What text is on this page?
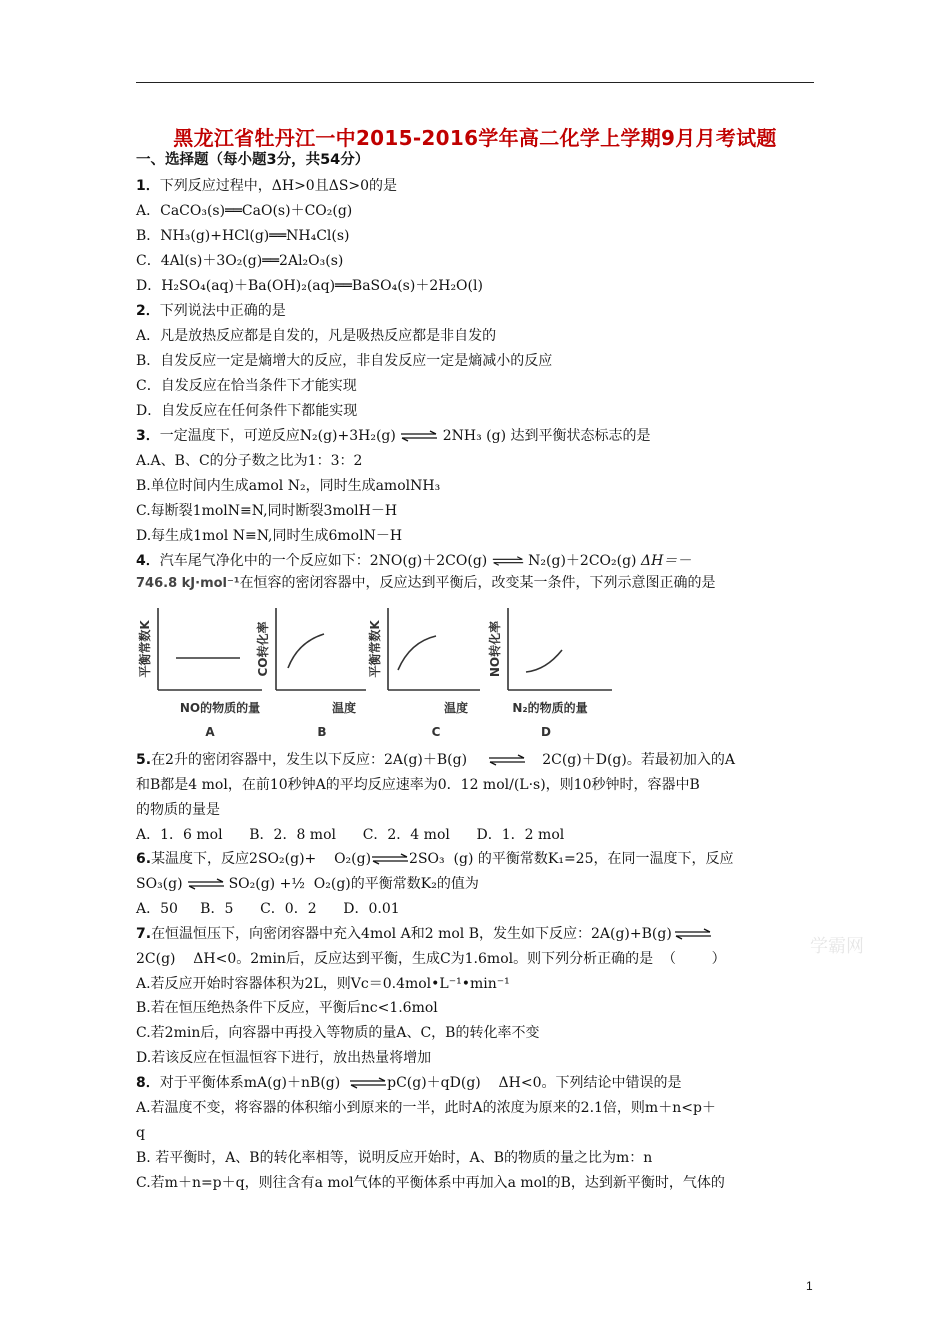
黑龙江省牡丹江一中2015-2016学年高二化学上学期9月月考试题
学霸网
一、选择题（每小题3分，共54分）
1．下列反应过程中，ΔH>0且ΔS>0的是
A．CaCO₃(s)══CaO(s)＋CO₂(g)
B．NH₃(g)+HCl(g)══NH₄Cl(s)
C．4Al(s)＋3O₂(g)══2Al₂O₃(s)
D．H₂SO₄(aq)＋Ba(OH)₂(aq)══BaSO₄(s)＋2H₂O(l)
2．下列说法中正确的是
A．凡是放热反应都是自发的，凡是吸热反应都是非自发的
B．自发反应一定是熵增大的反应，非自发反应一定是熵减小的反应
C．自发反应在恰当条件下才能实现
D．自发反应在任何条件下都能实现
3．一定温度下，可逆反应N₂(g)+3H₂(g) ⇌ 2NH₃ (g) 达到平衡状态标志的是
A.A、B、C的分子数之比为1：3：2
B.单位时间内生成amol N₂，同时生成amolNH₃
C.每断裂1molN≡N,同时断裂3molH－H
D.每生成1mol N≡N,同时生成6molN－H
4．汽车尾气净化中的一个反应如下：2NO(g)＋2CO(g) ⇌ N₂(g)＋2CO₂(g) ΔH＝－
746.8 kJ·mol⁻¹在恒容的密闭容器中，反应达到平衡后，改变某一条件，下列示意图正确的是
平衡常数K
NO的物质的量
A
CO转化率
温度
B
平衡常数K
温度
C
NO转化率
N₂的物质的量
D
5.在2升的密闭容器中，发生以下反应：2A(g)＋B(g) ⇌ 2C(g)＋D(g)。若最初加入的A
和B都是4 mol，在前10秒钟A的平均反应速率为0．12 mol/(L·s)，则10秒钟时，容器中B
的物质的量是
A．1．6 mol      B．2．8 mol      C．2．4 mol      D．1．2 mol
6.某温度下，反应2SO₂(g)+    O₂(g)⇌2SO₃  (g) 的平衡常数K₁=25，在同一温度下，反应
SO₃(g)⇌SO₂(g) +½  O₂(g)的平衡常数K₂的值为
A．50     B．5      C．0．2      D．0.01
7.在恒温恒压下，向密闭容器中充入4mol A和2 mol B，发生如下反应：2A(g)+B(g)⇌
2C(g)    ΔH<0。2min后，反应达到平衡，生成C为1.6mol。则下列分析正确的是  （        ）
A.若反应开始时容器体积为2L，则Vc＝0.4mol•L⁻¹•min⁻¹
B.若在恒压绝热条件下反应，平衡后nc<1.6mol
C.若2min后，向容器中再投入等物质的量A、C，B的转化率不变
D.若该反应在恒温恒容下进行，放出热量将增加
8．对于平衡体系mA(g)＋nB(g) ⇌pC(g)＋qD(g)    ΔH<0。下列结论中错误的是
A.若温度不变，将容器的体积缩小到原来的一半，此时A的浓度为原来的2.1倍，则m＋n<p＋
q
B. 若平衡时，A、B的转化率相等，说明反应开始时，A、B的物质的量之比为m：n
C.若m＋n=p＋q，则往含有a mol气体的平衡体系中再加入a mol的B，达到新平衡时，气体的
1
